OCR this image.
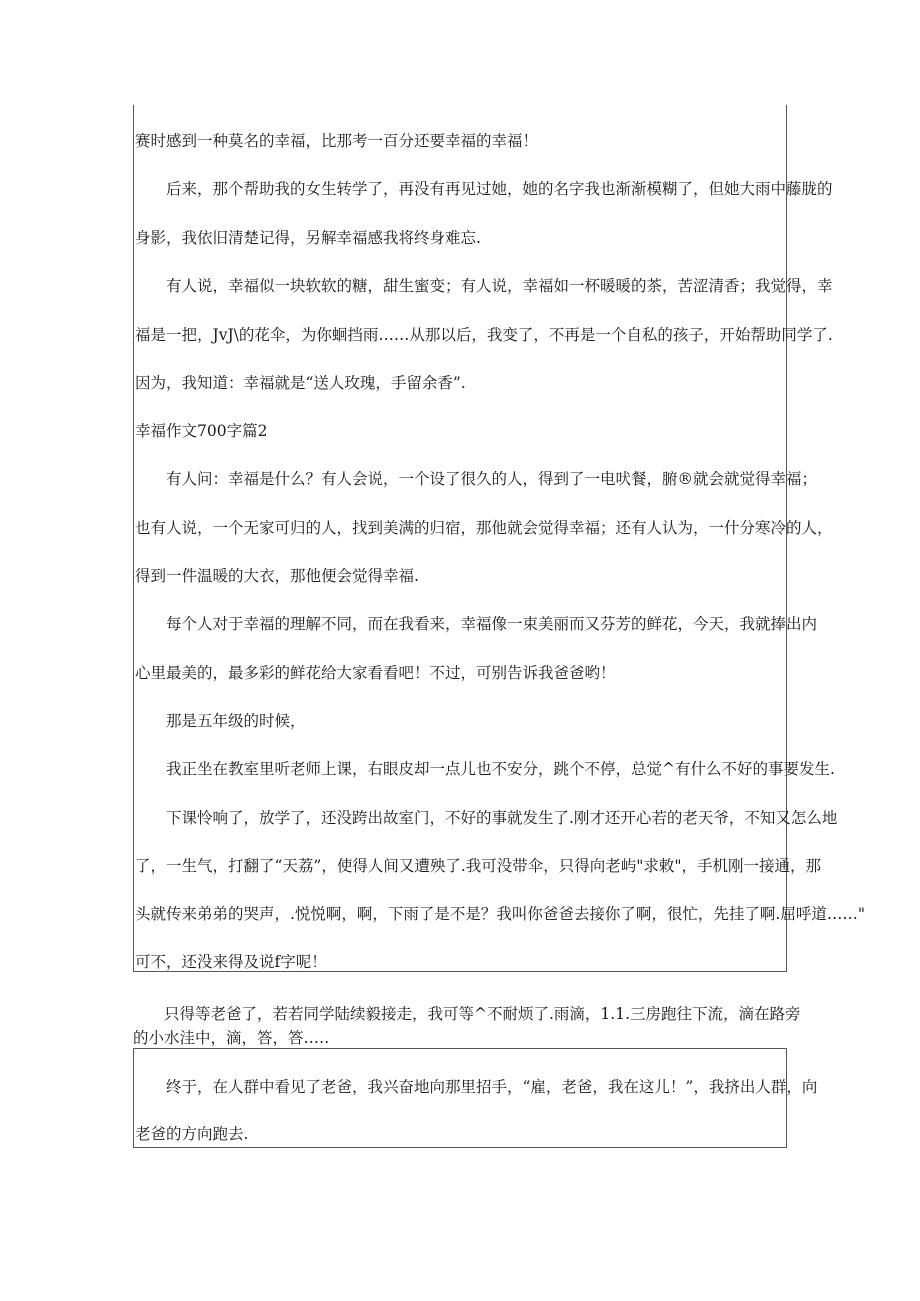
赛时感到一种莫名的幸福，比那考一百分还要幸福的幸福！
后来，那个帮助我的女生转学了，再没有再见过她，她的名字我也渐渐模糊了，但她大雨中藤胧的
身影，我依旧清楚记得，另解幸福感我将终身难忘.
有人说，幸福似一块软软的糖，甜生蜜变；有人说，幸福如一杯暖暖的茶，苦涩清香；我觉得，幸
福是一把，JvJ\的花伞，为你蛔挡雨……从那以后，我变了，不再是一个自私的孩子，开始帮助同学了.
因为，我知道：幸福就是“送人玫瑰，手留余香”.
幸福作文700字篇2
有人问：幸福是什么？有人会说，一个设了很久的人，得到了一电吠餐，腑®就会就觉得幸福；
也有人说，一个无家可归的人，找到美满的归宿，那他就会觉得幸福；还有人认为，一什分寒冷的人，
得到一件温暖的大衣，那他便会觉得幸福.
每个人对于幸福的理解不同，而在我看来，幸福像一束美丽而又芬芳的鲜花，今天，我就捧出内
心里最美的，最多彩的鲜花给大家看看吧！不过，可别告诉我爸爸哟！
那是五年级的时候，
我正坐在教室里听老师上课，右眼皮却一点儿也不安分，跳个不停，总觉^有什么不好的事要发生.
下课怜响了，放学了，还没跨出故室门，不好的事就发生了.刚才还开心若的老天爷，不知又怎么地
了，一生气，打翻了“天荔”，使得人间又遭殃了.我可没带伞，只得向老屿"求敕"，手机刚一接通，那
头就传来弟弟的哭声，.悦悦啊，啊，下雨了是不是？我叫你爸爸去接你了啊，很忙，先挂了啊.屈呼道……"
可不，还没来得及说f字呢！
只得等老爸了，若若同学陆续毅接走，我可等^不耐烦了.雨滴，1.1.三房跑往下流，滴在路旁
的小水洼中，滴，答，答…‥
终于，在人群中看见了老爸，我兴奋地向那里招手，“雇，老爸，我在这儿！”，我挤出人群，向
老爸的方向跑去.
